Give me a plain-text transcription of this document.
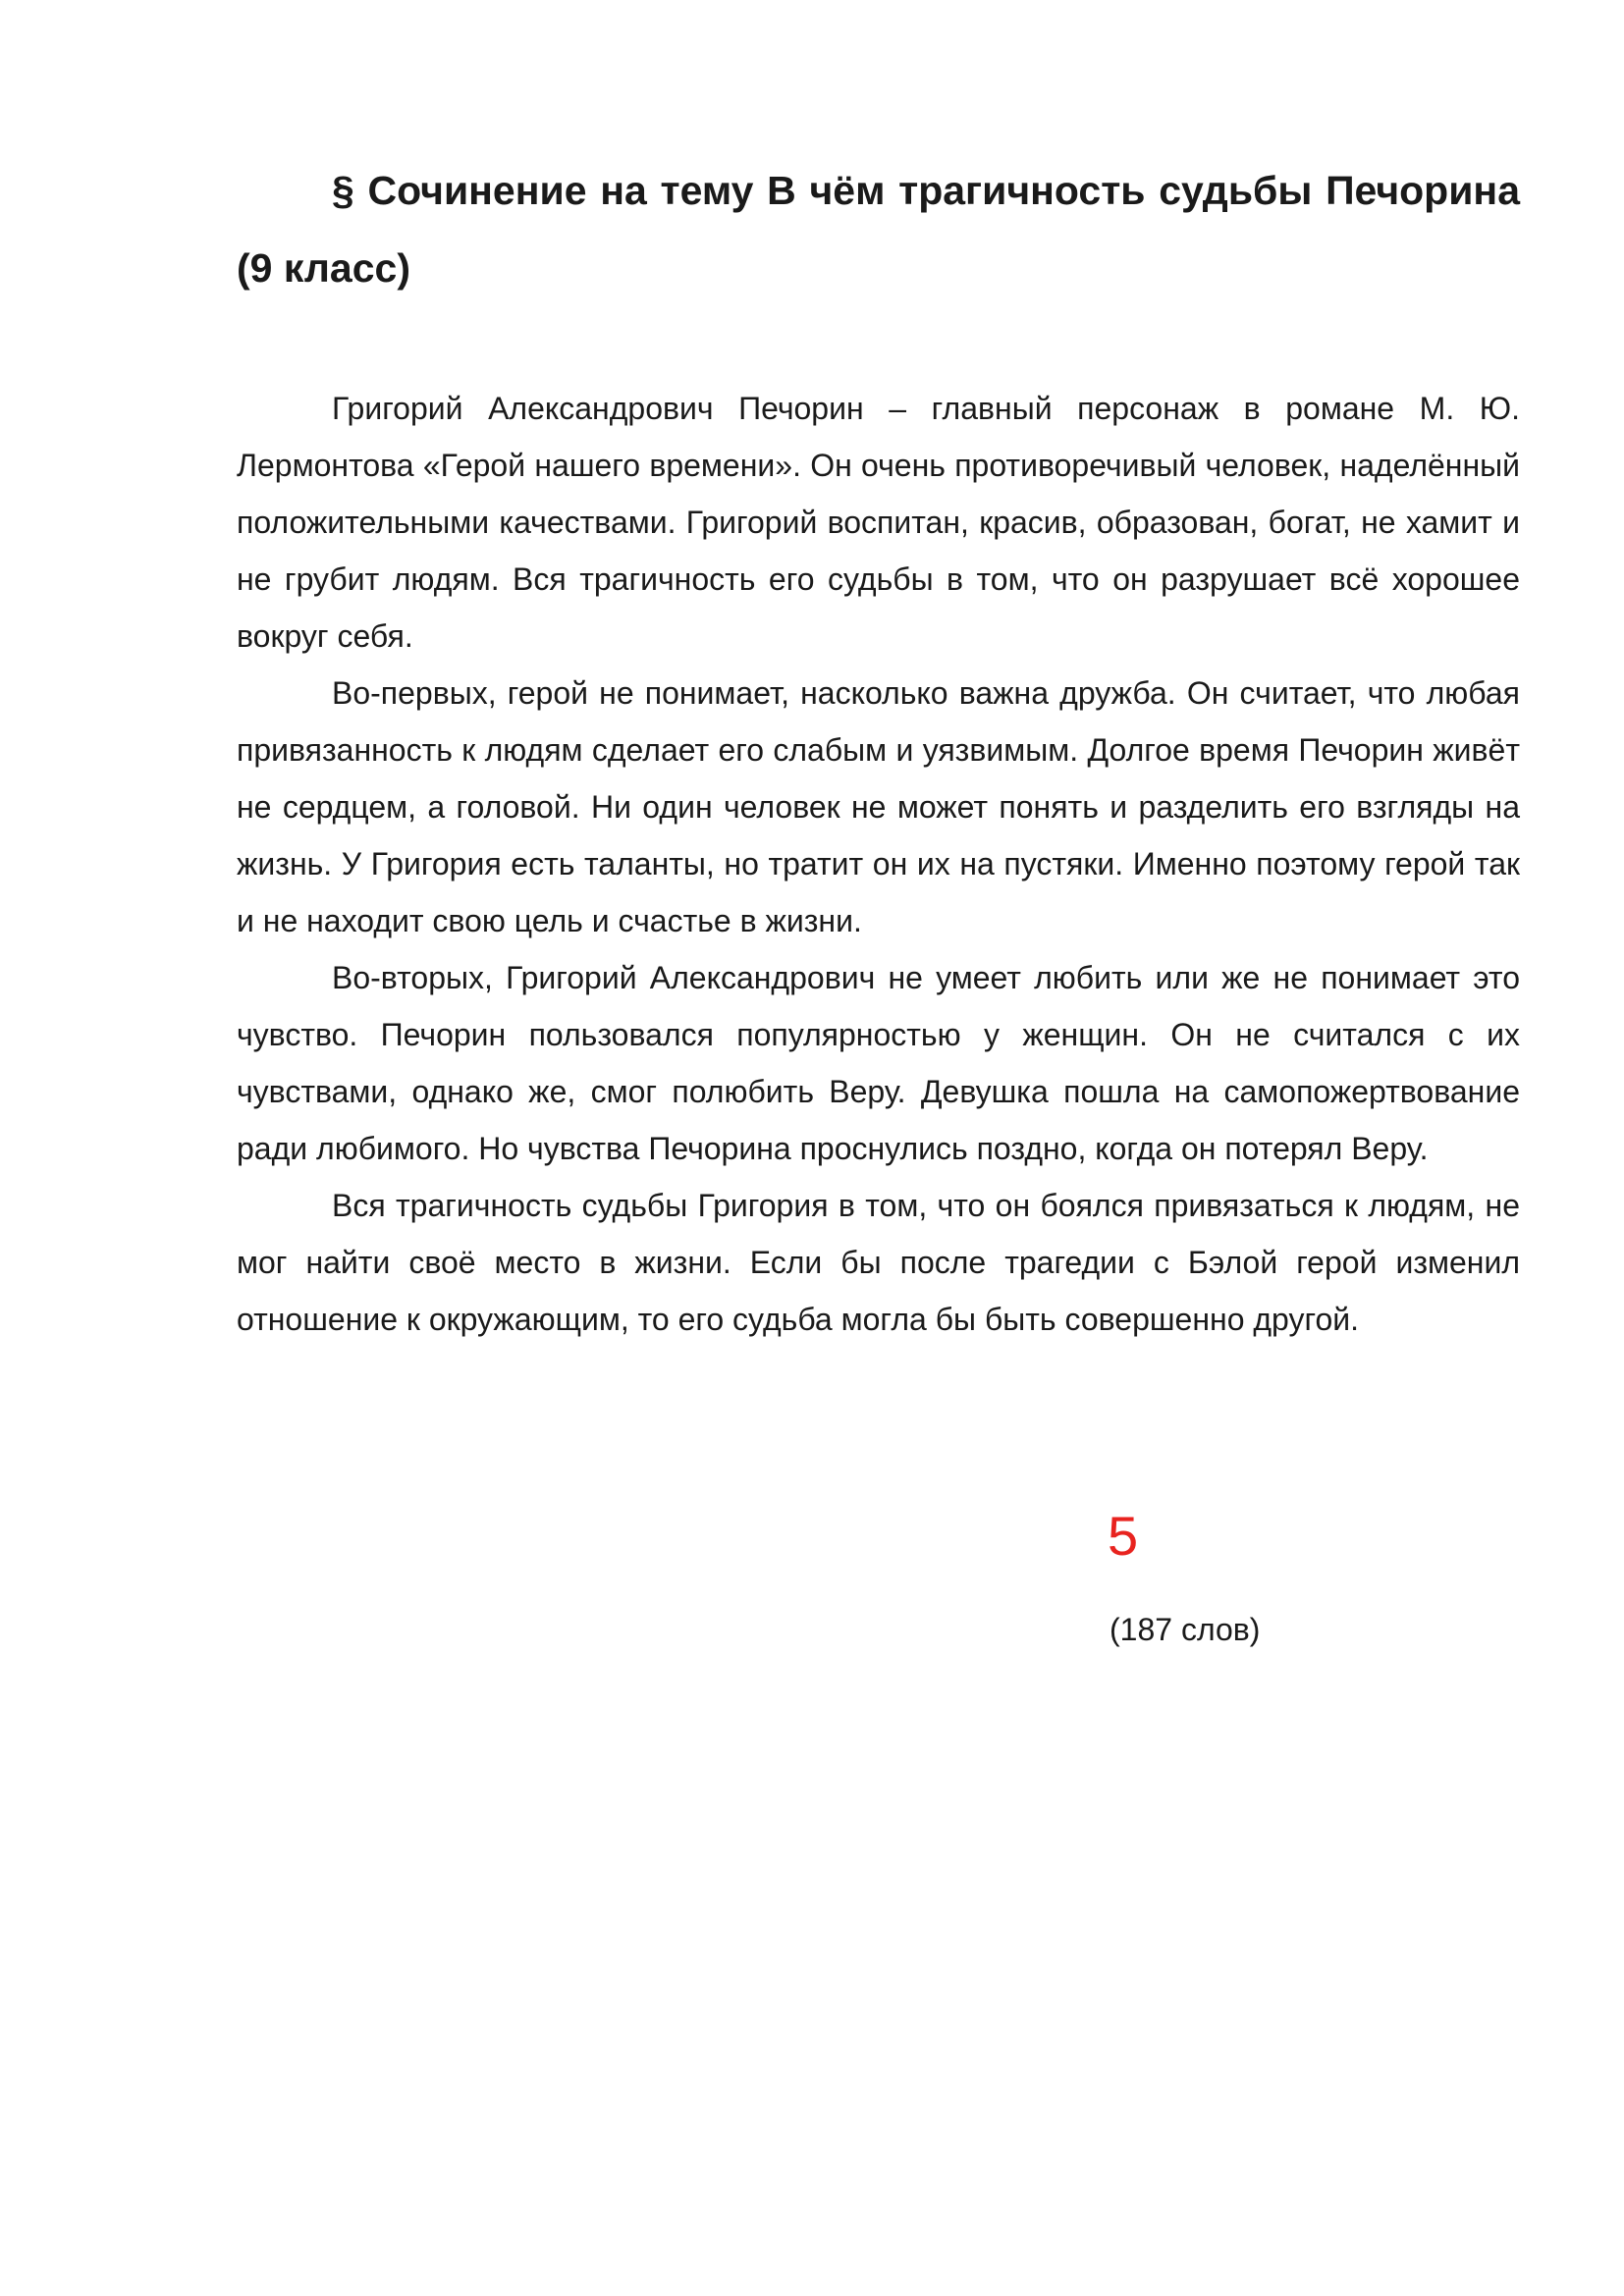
§ Сочинение на тему В чём трагичность судьбы Печорина (9 класс)

Григорий Александрович Печорин – главный персонаж в романе М. Ю. Лермонтова «Герой нашего времени». Он очень противоречивый человек, наделённый положительными качествами. Григорий воспитан, красив, образован, богат, не хамит и не грубит людям. Вся трагичность его судьбы в том, что он разрушает всё хорошее вокруг себя.

Во-первых, герой не понимает, насколько важна дружба. Он считает, что любая привязанность к людям сделает его слабым и уязвимым. Долгое время Печорин живёт не сердцем, а головой. Ни один человек не может понять и разделить его взгляды на жизнь. У Григория есть таланты, но тратит он их на пустяки. Именно поэтому герой так и не находит свою цель и счастье в жизни.

Во-вторых, Григорий Александрович не умеет любить или же не понимает это чувство. Печорин пользовался популярностью у женщин. Он не считался с их чувствами, однако же, смог полюбить Веру. Девушка пошла на самопожертвование ради любимого. Но чувства Печорина проснулись поздно, когда он потерял Веру.

Вся трагичность судьбы Григория в том, что он боялся привязаться к людям, не мог найти своё место в жизни. Если бы после трагедии с Бэлой герой изменил отношение к окружающим, то его судьба могла бы быть совершенно другой.

5
(187 слов)
